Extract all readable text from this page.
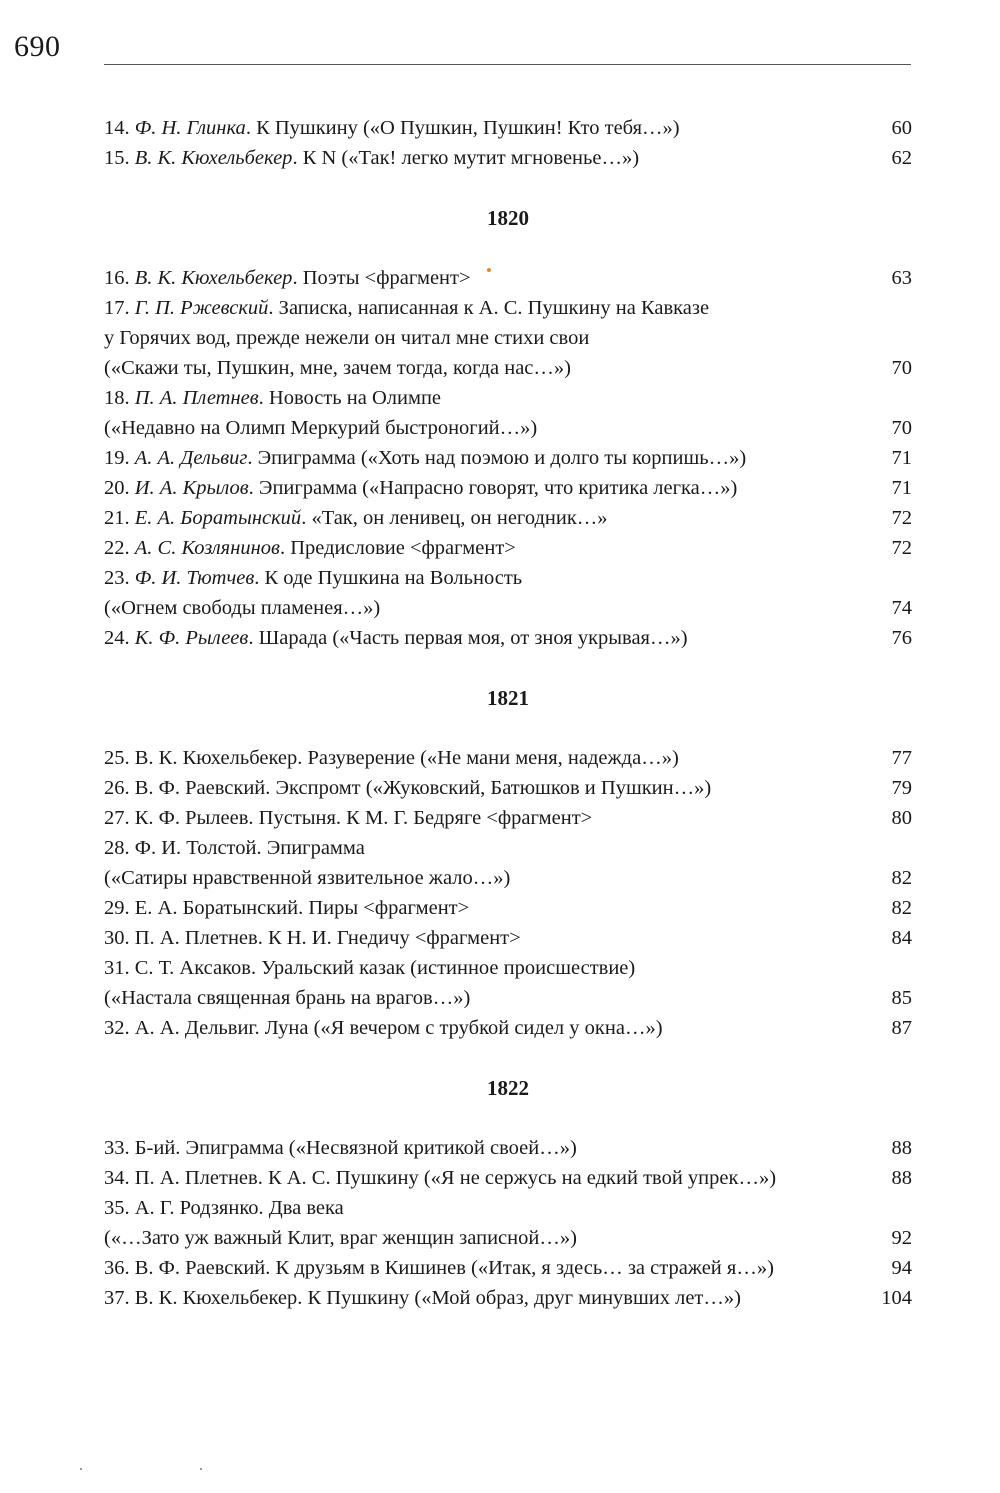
690
14. Ф. Н. Глинка. К Пушкину («О Пушкин, Пушкин! Кто тебя…»)	60
15. В. К. Кюхельбекер. К N («Так! легко мутит мгновенье…»)	62
1820
16. В. К. Кюхельбекер. Поэты <фрагмент>	63
17. Г. П. Ржевский. Записка, написанная к А. С. Пушкину на Кавказе
у Горячих вод, прежде нежели он читал мне стихи свои
(«Скажи ты, Пушкин, мне, зачем тогда, когда нас…»)	70
18. П. А. Плетнев. Новость на Олимпе
(«Недавно на Олимп Меркурий быстроногий…»)	70
19. А. А. Дельвиг. Эпиграмма («Хоть над поэмою и долго ты корпишь…»)	71
20. И. А. Крылов. Эпиграмма («Напрасно говорят, что критика легка…»)	71
21. Е. А. Боратынский. «Так, он ленивец, он негодник…»	72
22. А. С. Козлянинов. Предисловие <фрагмент>	72
23. Ф. И. Тютчев. К оде Пушкина на Вольность
(«Огнем свободы пламенея…»)	74
24. К. Ф. Рылеев. Шарада («Часть первая моя, от зноя укрывая…»)	76
1821
25. В. К. Кюхельбекер. Разуверение («Не мани меня, надежда…»)	77
26. В. Ф. Раевский. Экспромт («Жуковский, Батюшков и Пушкин…»)	79
27. К. Ф. Рылеев. Пустыня. К М. Г. Бедряге <фрагмент>	80
28. Ф. И. Толстой. Эпиграмма
(«Сатиры нравственной язвительное жало…»)	82
29. Е. А. Боратынский. Пиры <фрагмент>	82
30. П. А. Плетнев. К Н. И. Гнедичу <фрагмент>	84
31. С. Т. Аксаков. Уральский казак (истинное происшествие)
(«Настала священная брань на врагов…»)	85
32. А. А. Дельвиг. Луна («Я вечером с трубкой сидел у окна…»)	87
1822
33. Б-ий. Эпиграмма («Несвязной критикой своей…»)	88
34. П. А. Плетнев. К А. С. Пушкину («Я не сержусь на едкий твой упрек…»)	88
35. А. Г. Родзянко. Два века
(«…Зато уж важный Клит, враг женщин записной…»)	92
36. В. Ф. Раевский. К друзьям в Кишинев («Итак, я здесь… за стражей я…»)	94
37. В. К. Кюхельбекер. К Пушкину («Мой образ, друг минувших лет…»)	104
